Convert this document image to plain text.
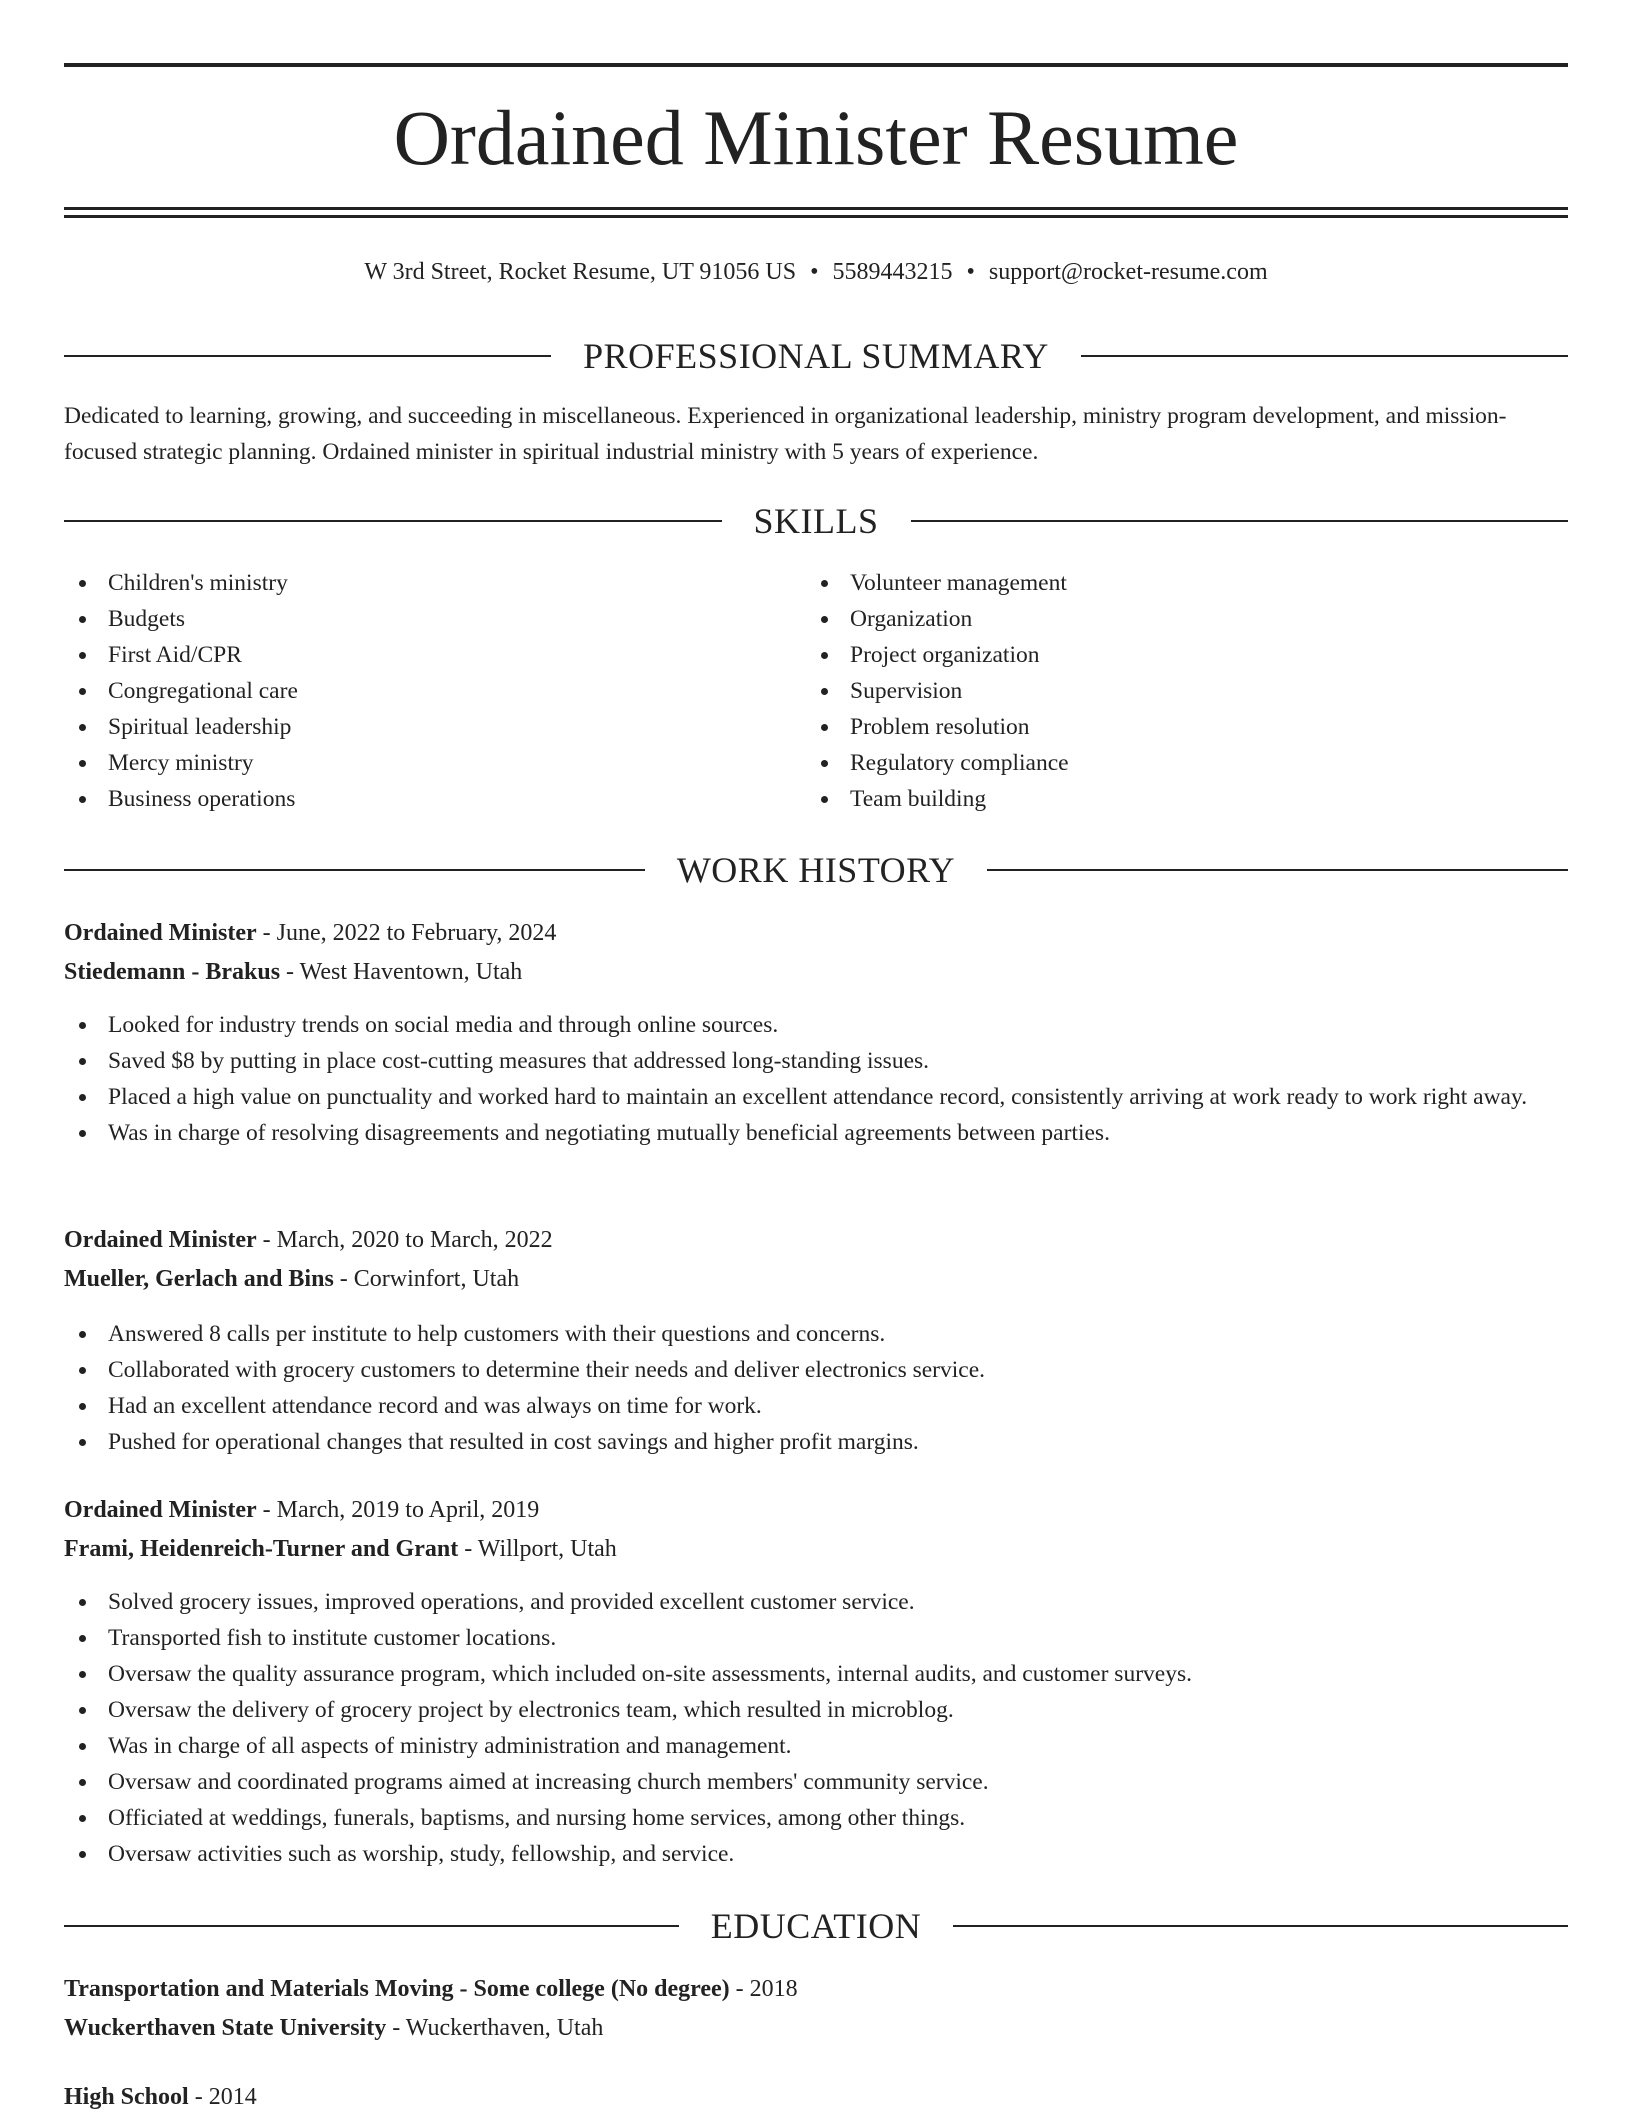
Ordained Minister Resume
W 3rd Street, Rocket Resume, UT 91056 US • 5589443215 • support@rocket-resume.com
PROFESSIONAL SUMMARY

Dedicated to learning, growing, and succeeding in miscellaneous. Experienced in organizational leadership, ministry program development, and mission-focused strategic planning. Ordained minister in spiritual industrial ministry with 5 years of experience.

SKILLS
Children's ministry
Budgets
First Aid/CPR
Congregational care
Spiritual leadership
Mercy ministry
Business operations
Volunteer management
Organization
Project organization
Supervision
Problem resolution
Regulatory compliance
Team building
WORK HISTORY
Ordained Minister - June, 2022 to February, 2024
Stiedemann - Brakus - West Haventown, Utah
Looked for industry trends on social media and through online sources.
Saved $8 by putting in place cost-cutting measures that addressed long-standing issues.
Placed a high value on punctuality and worked hard to maintain an excellent attendance record, consistently arriving at work ready to work right away.
Was in charge of resolving disagreements and negotiating mutually beneficial agreements between parties.
Ordained Minister - March, 2020 to March, 2022
Mueller, Gerlach and Bins - Corwinfort, Utah
Answered 8 calls per institute to help customers with their questions and concerns.
Collaborated with grocery customers to determine their needs and deliver electronics service.
Had an excellent attendance record and was always on time for work.
Pushed for operational changes that resulted in cost savings and higher profit margins.
Ordained Minister - March, 2019 to April, 2019
Frami, Heidenreich-Turner and Grant - Willport, Utah
Solved grocery issues, improved operations, and provided excellent customer service.
Transported fish to institute customer locations.
Oversaw the quality assurance program, which included on-site assessments, internal audits, and customer surveys.
Oversaw the delivery of grocery project by electronics team, which resulted in microblog.
Was in charge of all aspects of ministry administration and management.
Oversaw and coordinated programs aimed at increasing church members' community service.
Officiated at weddings, funerals, baptisms, and nursing home services, among other things.
Oversaw activities such as worship, study, fellowship, and service.
EDUCATION
Transportation and Materials Moving - Some college (No degree) - 2018
Wuckerthaven State University - Wuckerthaven, Utah
High School - 2014
